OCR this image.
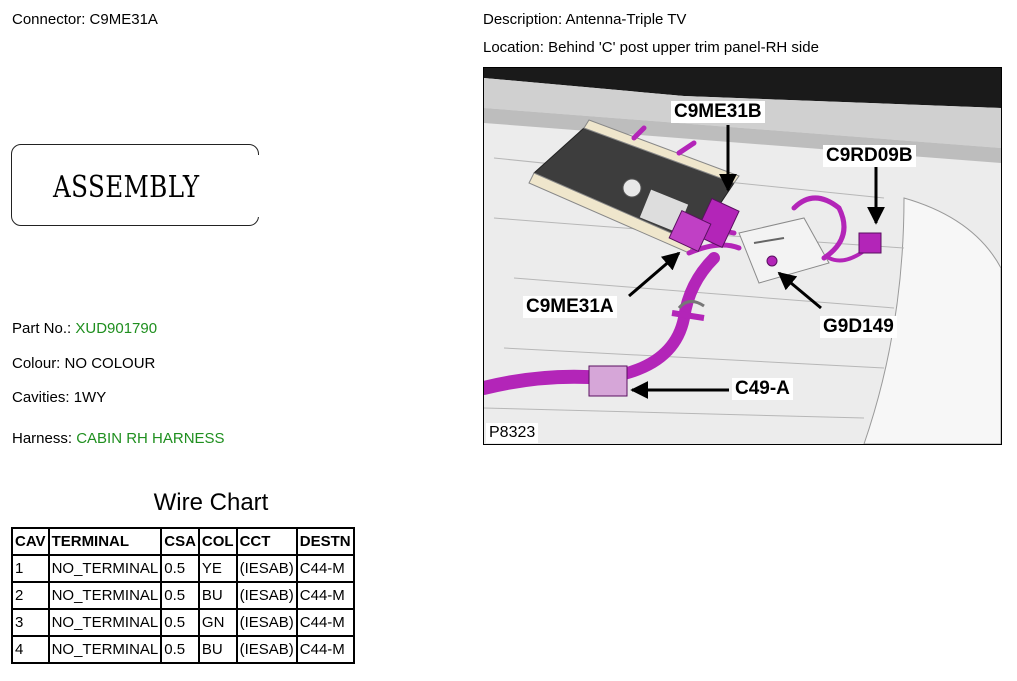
Connector: C9ME31A	Description: Antenna-Triple TV
Location: Behind 'C' post upper trim panel-RH side
ASSEMBLY
Part No.: XUD901790
Colour: NO COLOUR
Cavities: 1WY
Harness: CABIN RH HARNESS
Wire Chart
CAV	TERMINAL	CSA	COL	CCT	DESTN
1	NO_TERMINAL	0.5	YE	(IESAB)	C44-M
2	NO_TERMINAL	0.5	BU	(IESAB)	C44-M
3	NO_TERMINAL	0.5	GN	(IESAB)	C44-M
4	NO_TERMINAL	0.5	BU	(IESAB)	C44-M
C9ME31B
C9RD09B
C9ME31A
G9D149
C49-A
P8323
